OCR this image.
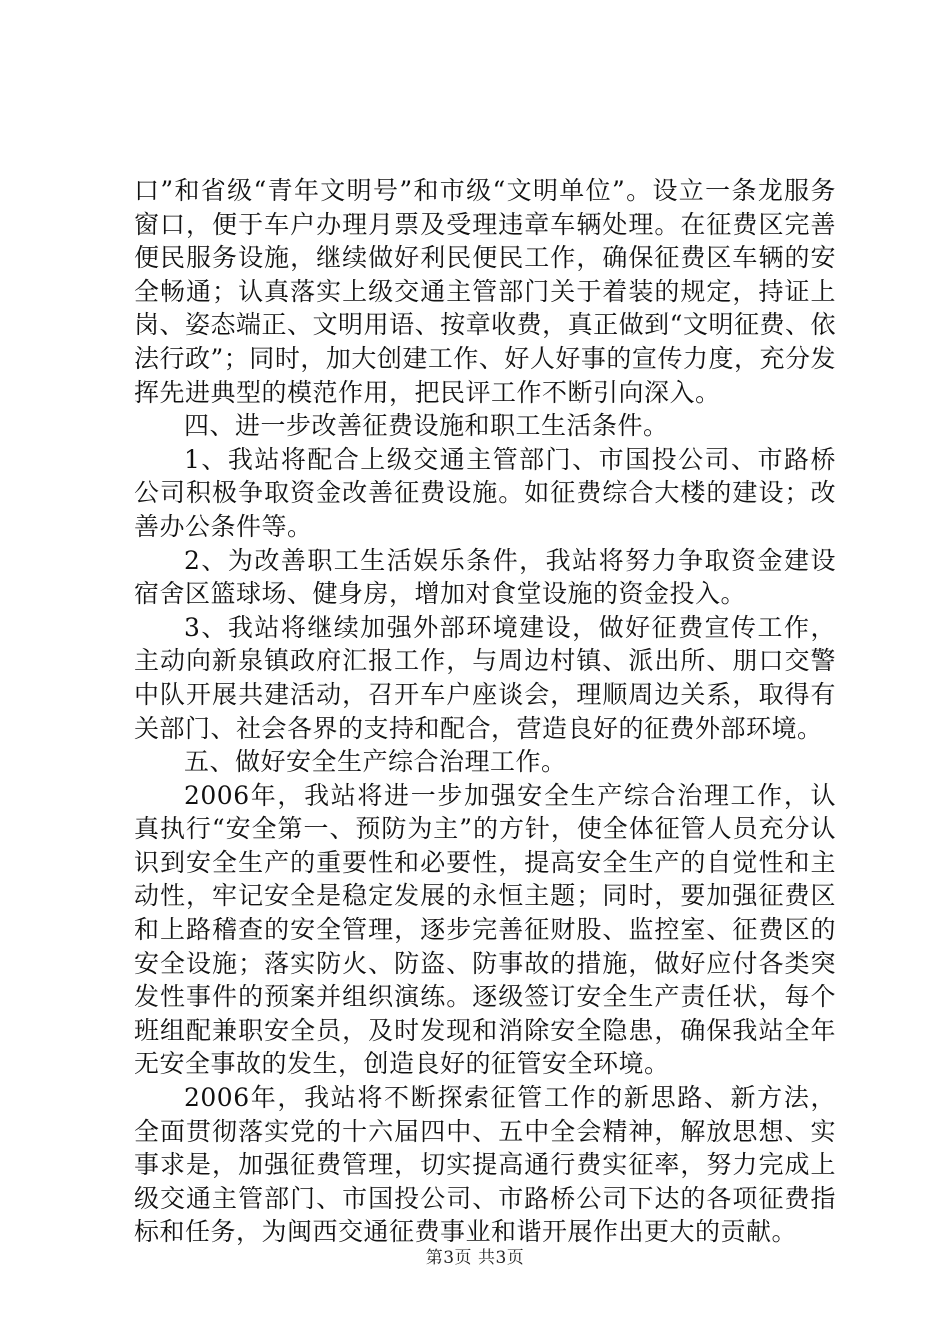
口”和省级“青年文明号”和市级“文明单位”。设立一条龙服务窗口，便于车户办理月票及受理违章车辆处理。在征费区完善便民服务设施，继续做好利民便民工作，确保征费区车辆的安全畅通；认真落实上级交通主管部门关于着装的规定，持证上岗、姿态端正、文明用语、按章收费，真正做到“文明征费、依法行政”；同时，加大创建工作、好人好事的宣传力度，充分发挥先进典型的模范作用，把民评工作不断引向深入。

四、进一步改善征费设施和职工生活条件。

1、我站将配合上级交通主管部门、市国投公司、市路桥公司积极争取资金改善征费设施。如征费综合大楼的建设；改善办公条件等。

2、为改善职工生活娱乐条件，我站将努力争取资金建设宿舍区篮球场、健身房，增加对食堂设施的资金投入。

3、我站将继续加强外部环境建设，做好征费宣传工作，主动向新泉镇政府汇报工作，与周边村镇、派出所、朋口交警中队开展共建活动，召开车户座谈会，理顺周边关系，取得有关部门、社会各界的支持和配合，营造良好的征费外部环境。

五、做好安全生产综合治理工作。

2006年，我站将进一步加强安全生产综合治理工作，认真执行“安全第一、预防为主”的方针，使全体征管人员充分认识到安全生产的重要性和必要性，提高安全生产的自觉性和主动性，牢记安全是稳定发展的永恒主题；同时，要加强征费区和上路稽查的安全管理，逐步完善征财股、监控室、征费区的安全设施；落实防火、防盗、防事故的措施，做好应付各类突发性事件的预案并组织演练。逐级签订安全生产责任状，每个班组配兼职安全员，及时发现和消除安全隐患，确保我站全年无安全事故的发生，创造良好的征管安全环境。

2006年，我站将不断探索征管工作的新思路、新方法，全面贯彻落实党的十六届四中、五中全会精神，解放思想、实事求是，加强征费管理，切实提高通行费实征率，努力完成上级交通主管部门、市国投公司、市路桥公司下达的各项征费指标和任务，为闽西交通征费事业和谐开展作出更大的贡献。

第3页 共3页
